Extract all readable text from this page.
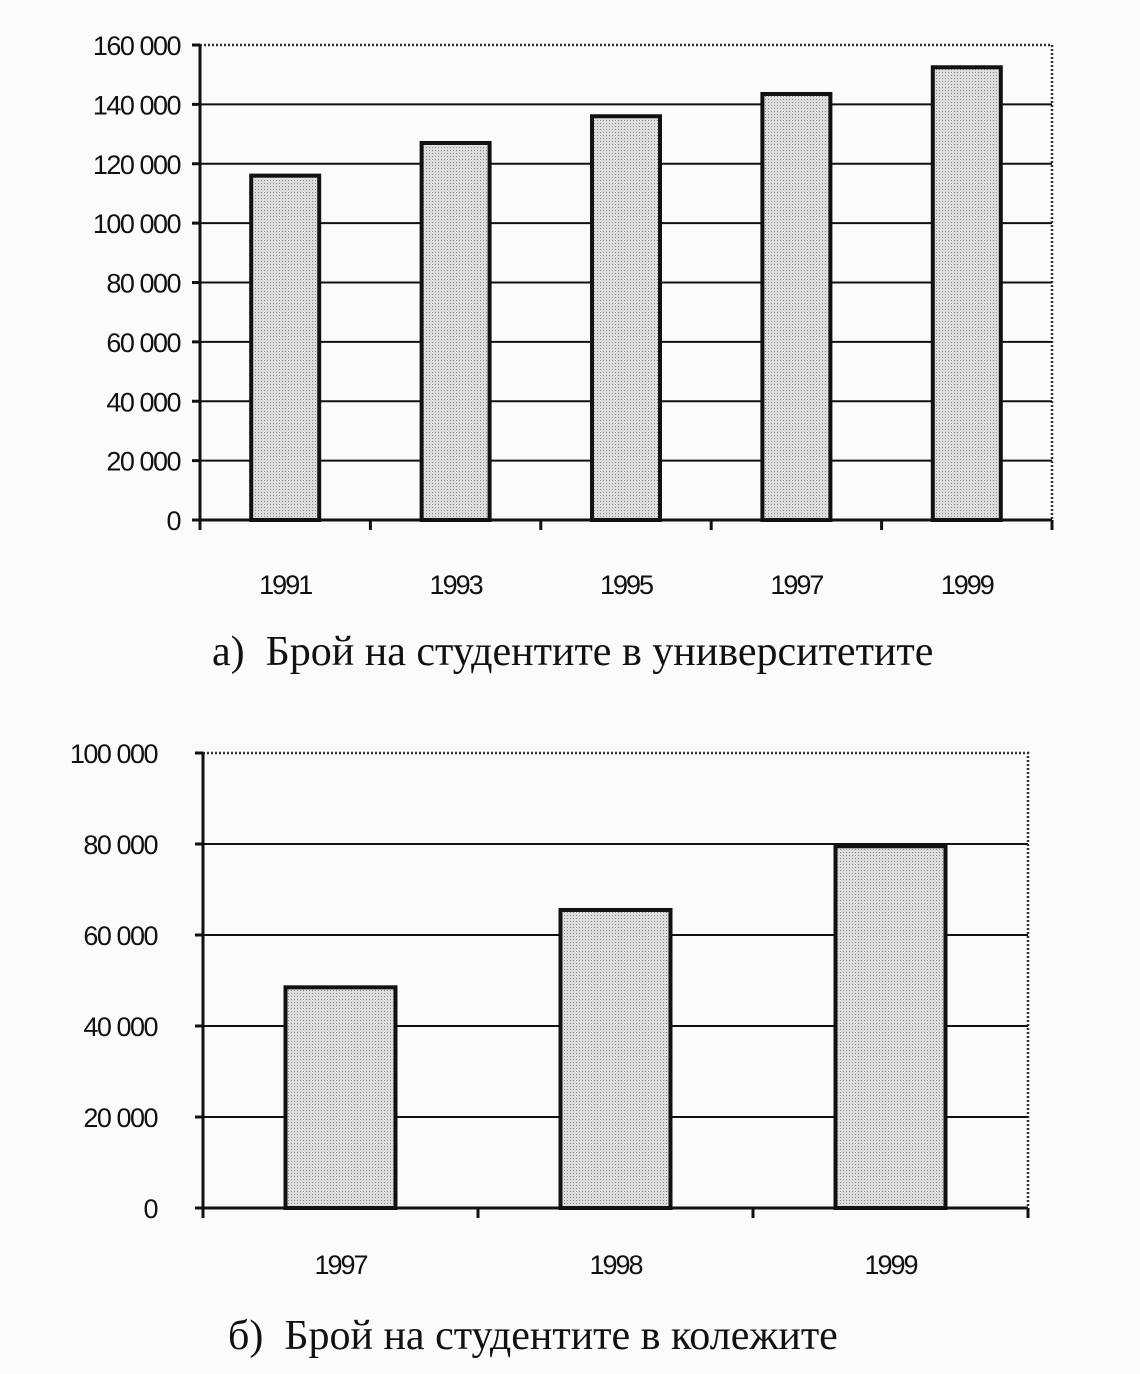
0
20 000
40 000
60 000
80 000
100 000
120 000
140 000
160 000
1991	1993	1995	1997	1999
а)  Брой на студентите в университетите
0
20 000
40 000
60 000
80 000
100 000
1997	1998	1999
б)  Брой на студентите в колежите
